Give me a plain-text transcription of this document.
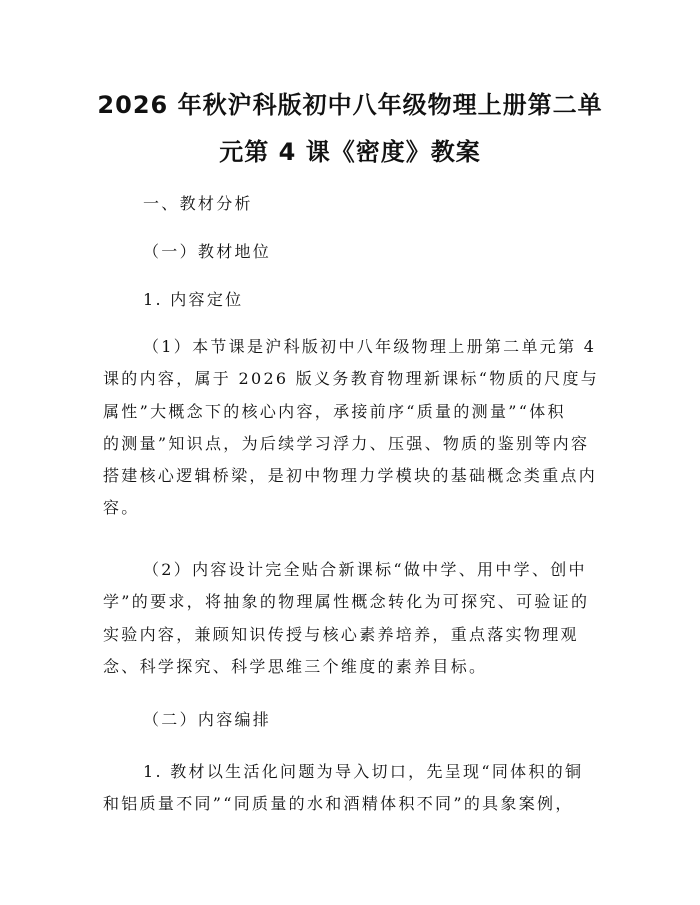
2026 年秋沪科版初中八年级物理上册第二单
元第 4 课《密度》教案
一、教材分析
（一）教材地位
1. 内容定位
（1）本节课是沪科版初中八年级物理上册第二单元第 4
课的内容，属于 2026 版义务教育物理新课标“物质的尺度与
属性”大概念下的核心内容，承接前序“质量的测量”“体积
的测量”知识点，为后续学习浮力、压强、物质的鉴别等内容
搭建核心逻辑桥梁，是初中物理力学模块的基础概念类重点内
容。
（2）内容设计完全贴合新课标“做中学、用中学、创中
学”的要求，将抽象的物理属性概念转化为可探究、可验证的
实验内容，兼顾知识传授与核心素养培养，重点落实物理观
念、科学探究、科学思维三个维度的素养目标。
（二）内容编排
1. 教材以生活化问题为导入切口，先呈现“同体积的铜
和铝质量不同”“同质量的水和酒精体积不同”的具象案例，
